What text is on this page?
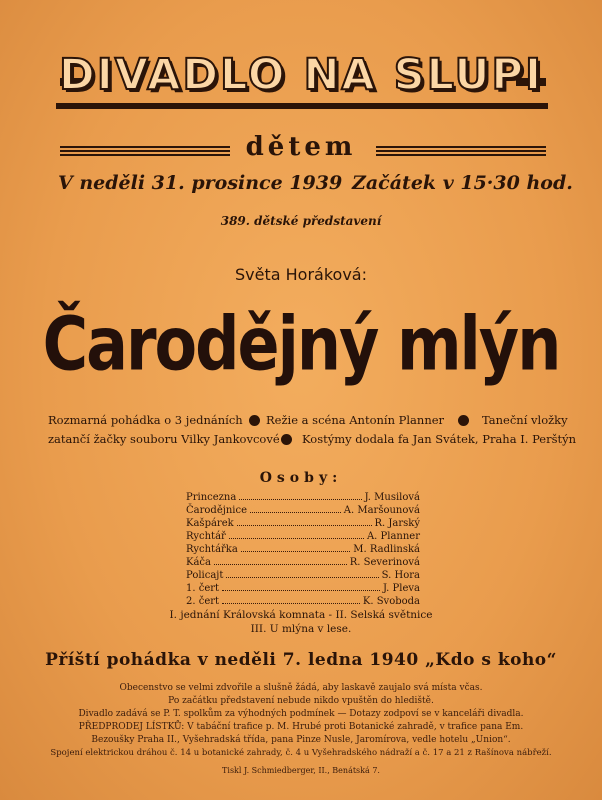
DIVADLO NA SLUPI
dětem
V neděli 31. prosince 1939 Začátek v 15·30 hod.
389. dětské představení
Světa Horáková:
Čarodějný mlýn
Rozmarná pohádka o 3 jednáních Režie a scéna Antonín Planner	Taneční vložky
zatančí žačky souboru Vilky Jankovcové Kostýmy dodala fa Jan Svátek, Praha I. Perštýn
Osoby:
Princezna	J. Musilová
Čarodějnice	A. Maršounová
Kašpárek	R. Jarský
Rychtář	A. Planner
Rychtářka	M. Radlinská
Káča	R. Severinová
Policajt	S. Hora
1. čert	J. Pleva
2. čert	K. Svoboda
I. jednání Královská komnata - II. Selská světnice
III. U mlýna v lese.
Příští pohádka v neděli 7. ledna 1940 „Kdo s koho“
Obecenstvo se velmi zdvořile a slušně žádá, aby laskavě zaujalo svá místa včas.
Po začátku představení nebude nikdo vpuštěn do hlediště.
Divadlo zadává se P. T. spolkům za výhodných podmínek — Dotazy zodpoví se v kanceláři divadla.
PŘEDPRODEJ LÍSTKŮ: V tabáční trafice p. M. Hrubé proti Botanické zahradě, v trafice pana Em.
Bezoušky Praha II., Vyšehradská třída, pana Pinze Nusle, Jaromírova, vedle hotelu „Union“.
Spojení elektrickou dráhou č. 14 u botanické zahrady, č. 4 u Vyšehradského nádraží a č. 17 a 21 z Rašínova nábřeží.
Tiskl J. Schmiedberger, II., Benátská 7.
